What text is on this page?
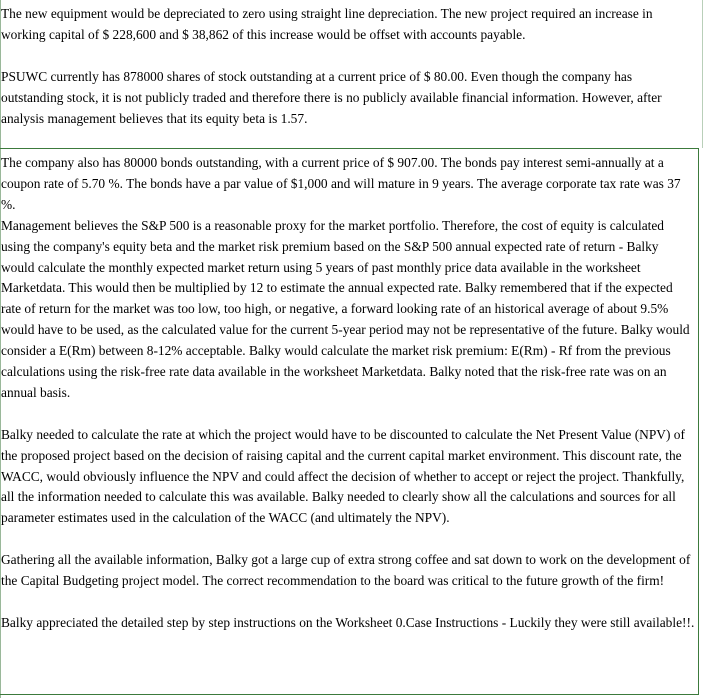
The new equipment would be depreciated to zero using straight line depreciation. The new project required an increase in working capital of $ 228,600 and $ 38,862 of this increase would be offset with accounts payable.

PSUWC currently has 878000 shares of stock outstanding at a current price of $ 80.00. Even though the company has outstanding stock, it is not publicly traded and therefore there is no publicly available financial information. However, after analysis management believes that its equity beta is 1.57.

The company also has 80000 bonds outstanding, with a current price of $ 907.00. The bonds pay interest semi-annually at a coupon rate of 5.70 %. The bonds have a par value of $1,000 and will mature in 9 years. The average corporate tax rate was 37 %.

Management believes the S&P 500 is a reasonable proxy for the market portfolio. Therefore, the cost of equity is calculated using the company's equity beta and the market risk premium based on the S&P 500 annual expected rate of return - Balky would calculate the monthly expected market return using 5 years of past monthly price data available in the worksheet Marketdata. This would then be multiplied by 12 to estimate the annual expected rate. Balky remembered that if the expected rate of return for the market was too low, too high, or negative, a forward looking rate of an historical average of about 9.5% would have to be used, as the calculated value for the current 5-year period may not be representative of the future. Balky would consider a E(Rm) between 8-12% acceptable. Balky would calculate the market risk premium: E(Rm) - Rf from the previous calculations using the risk-free rate data available in the worksheet Marketdata. Balky noted that the risk-free rate was on an annual basis.

Balky needed to calculate the rate at which the project would have to be discounted to calculate the Net Present Value (NPV) of the proposed project based on the decision of raising capital and the current capital market environment. This discount rate, the WACC, would obviously influence the NPV and could affect the decision of whether to accept or reject the project. Thankfully, all the information needed to calculate this was available. Balky needed to clearly show all the calculations and sources for all parameter estimates used in the calculation of the WACC (and ultimately the NPV).

Gathering all the available information, Balky got a large cup of extra strong coffee and sat down to work on the development of the Capital Budgeting project model. The correct recommendation to the board was critical to the future growth of the firm!

Balky appreciated the detailed step by step instructions on the Worksheet 0.Case Instructions - Luckily they were still available!!.
